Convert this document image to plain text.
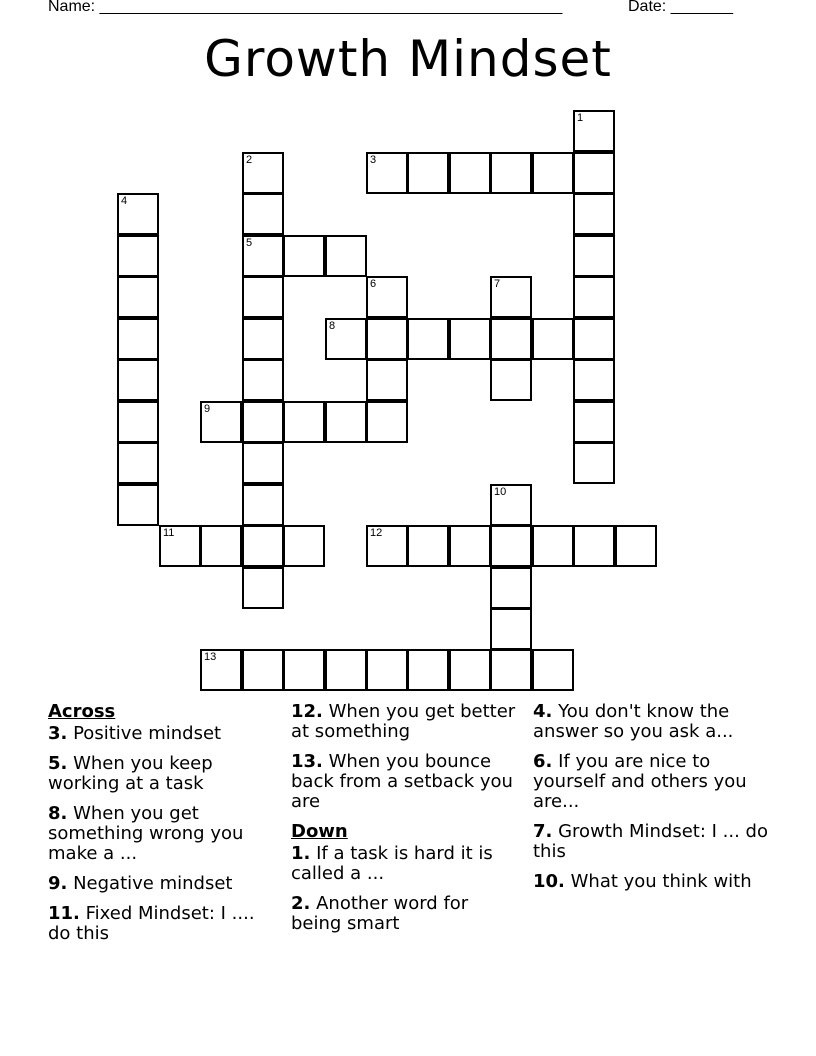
Name: ____________________________________________________	Date: _______
Growth Mindset
1
3
2
5
4
6	7
8
9
10
11	12
13
Across
3. Positive mindset
5. When you keep working at a task
8. When you get something wrong you make a ...
9. Negative mindset
11. Fixed Mindset: I .... do this
12. When you get better at something
13. When you bounce back from a setback you are
Down
1. If a task is hard it is called a ...
2. Another word for being smart
4. You don't know the answer so you ask a...
6. If you are nice to yourself and others you are...
7. Growth Mindset: I ... do this
10. What you think with
